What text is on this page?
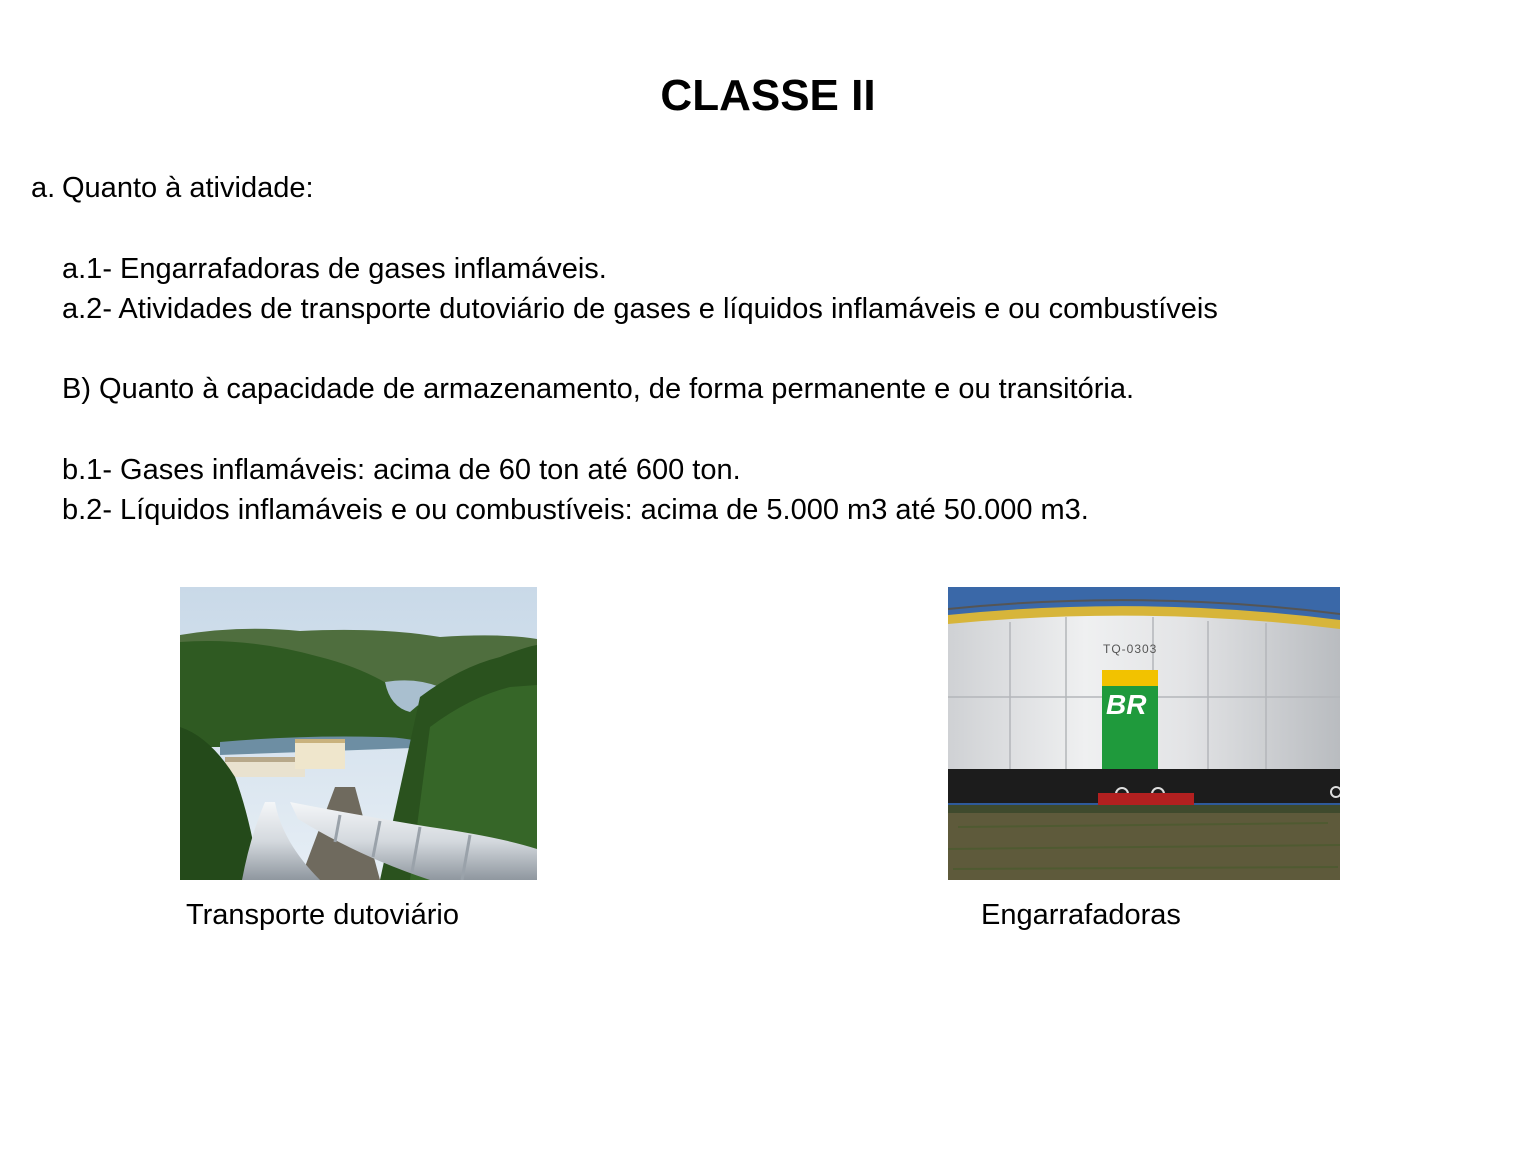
CLASSE II
a. Quanto à atividade:
a.1- Engarrafadoras de gases inflamáveis.
a.2- Atividades de transporte dutoviário de gases e líquidos inflamáveis e ou combustíveis
B) Quanto à capacidade de armazenamento, de forma permanente e ou transitória.
b.1- Gases inflamáveis: acima de 60 ton até 600 ton.
b.2- Líquidos inflamáveis e ou combustíveis: acima de 5.000 m3 até 50.000 m3.
TQ-0303
BR
Transporte dutoviário	Engarrafadoras
